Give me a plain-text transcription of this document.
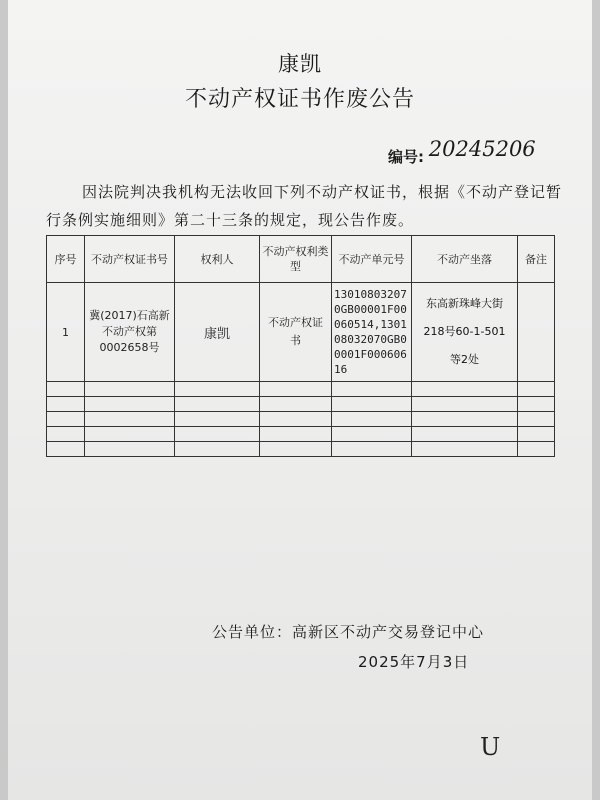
康凯
不动产权证书作废公告
编号: 20245206
因法院判决我机构无法收回下列不动产权证书，根据《不动产登记暂行条例实施细则》第二十三条的规定，现公告作废。
序号	不动产权证书号	权利人	不动产权利类型	不动产单元号	不动产坐落	备注
1	冀(2017)石高新不动产权第0002658号	康凯	不动产权证书	130108032070GB00001F00060514,130108032070GB00001F00060616	东高新珠峰大街
218号60-1-501
等2处	

公告单位：高新区不动产交易登记中心
2025年7月3日
U
